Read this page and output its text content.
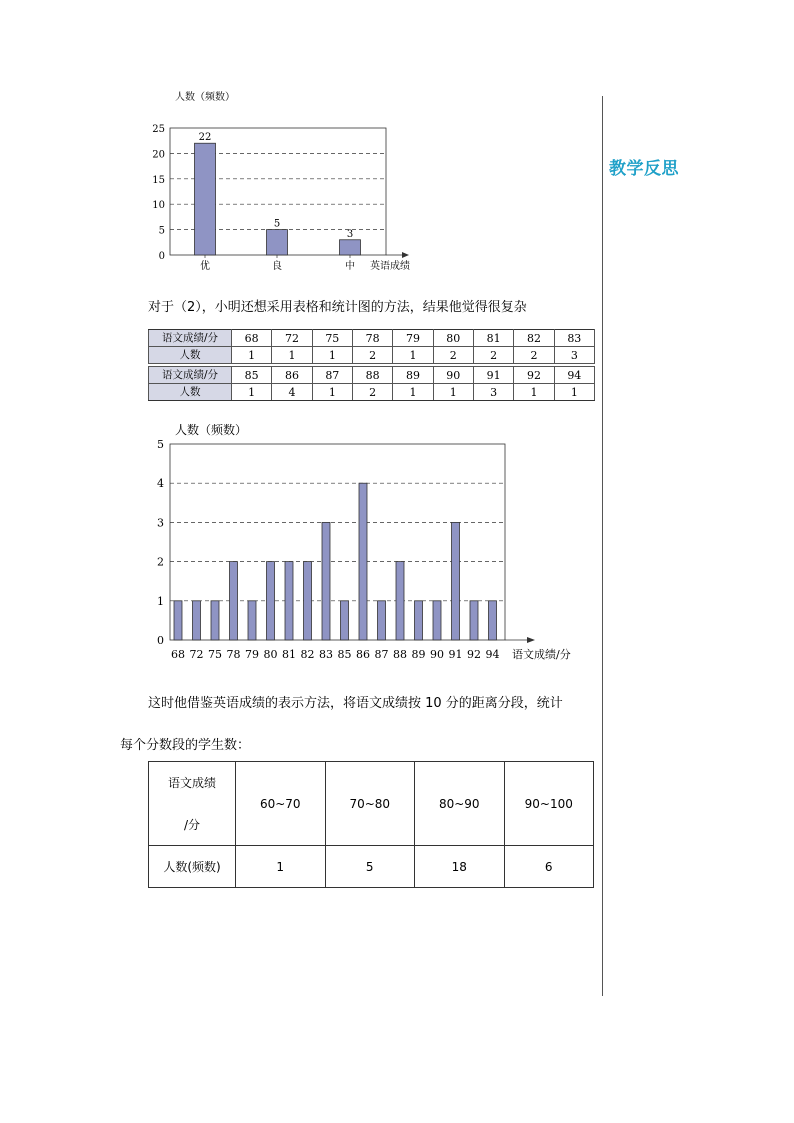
教学反思
人数（频数）
0
5
10
15
20
25
22
优
5
良
3
中 英语成绩
对于（2），小明还想采用表格和统计图的方法，结果他觉得很复杂
语文成绩/分	68	72	75	78	79	80	81	82	83
人数	1	1	1	2	1	2	2	2	3

语文成绩/分	85	86	87	88	89	90	91	92	94
人数	1	4	1	2	1	1	3	1	1
人数（频数）
0
1
2
3
4
5
68 72 75 78 79 80 81 82 83 85 86 87 88 89 90 91 92 94 语文成绩/分
这时他借鉴英语成绩的表示方法，将语文成绩按 10 分的距离分段，统计
每个分数段的学生数：
语文成绩
/分	60~70	70~80	80~90	90~100
人数(频数)	1	5	18	6
